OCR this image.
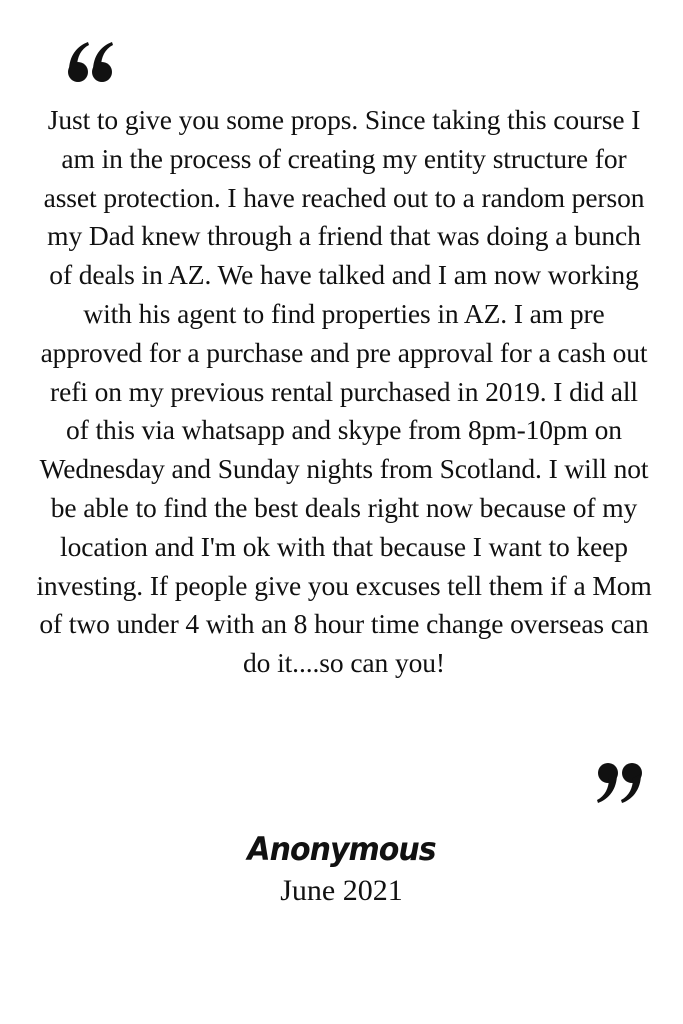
Just to give you some props. Since taking this course I am in the process of creating my entity structure for asset protection. I have reached out to a random person my Dad knew through a friend that was doing a bunch of deals in AZ. We have talked and I am now working with his agent to find properties in AZ. I am pre approved for a purchase and pre approval for a cash out refi on my previous rental purchased in 2019. I did all of this via whatsapp and skype from 8pm-10pm on Wednesday and Sunday nights from Scotland. I will not be able to find the best deals right now because of my location and I'm ok with that because I want to keep investing. If people give you excuses tell them if a Mom of two under 4 with an 8 hour time change overseas can do it....so can you!

Anonymous
June 2021
